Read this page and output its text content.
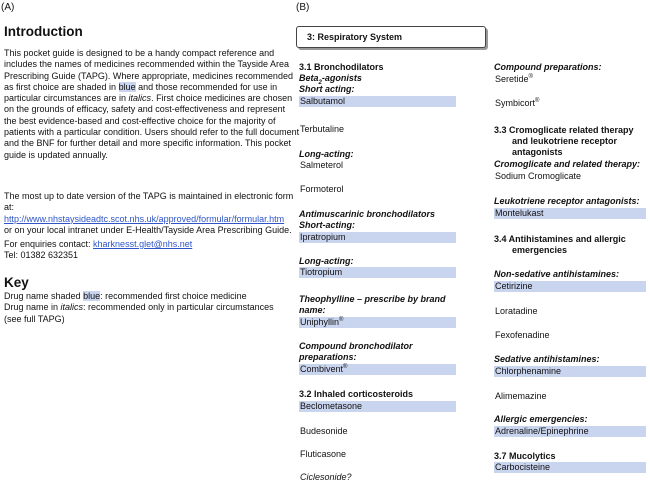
(A)
Introduction
This pocket guide is designed to be a handy compact reference and
includes the names of medicines recommended within the Tayside Area
Prescribing Guide (TAPG). Where appropriate, medicines recommended
as first choice are shaded in blue and those recommended for use in
particular circumstances are in italics. First choice medicines are chosen
on the grounds of efficacy, safety and cost-effectiveness and represent
the best evidence-based and cost-effective choice for the majority of
patients with a particular condition. Users should refer to the full document
and the BNF for further detail and more specific information. This pocket
guide is updated annually.
The most up to date version of the TAPG is maintained in electronic form
at:
http://www.nhstaysideadtc.scot.nhs.uk/approved/formular/formular.htm
or on your local intranet under E-Health/Tayside Area Prescribing Guide.
For enquiries contact: kharknesst.glet@nhs.net
Tel: 01382 632351
Key
Drug name shaded blue: recommended first choice medicine
Drug name in italics: recommended only in particular circumstances
(see full TAPG)
(B)
3: Respiratory System
3.1 Bronchodilators
Beta$_2$-agonists
Short acting:
Salbutamol
Terbutaline
Long-acting:
Salmeterol
Formoterol
Antimuscarinic bronchodilators
Short-acting:
Ipratropium
Long-acting:
Tiotropium
Theophylline – prescribe by brand
name:
Uniphyllin®
Compound bronchodilator
preparations:
Combivent®
3.2 Inhaled corticosteroids
Beclometasone
Budesonide
Fluticasone
Ciclesonide?
Compound preparations:
Seretide®
Symbicort®
3.3 Cromoglicate related therapy
and leukotriene receptor
antagonists
Cromoglicate and related therapy:
Sodium Cromoglicate
Leukotriene receptor antagonists:
Montelukast
3.4 Antihistamines and allergic
emergencies
Non-sedative antihistamines:
Cetirizine
Loratadine
Fexofenadine
Sedative antihistamines:
Chlorphenamine
Alimemazine
Allergic emergencies:
Adrenaline/Epinephrine
3.7 Mucolytics
Carbocisteine
